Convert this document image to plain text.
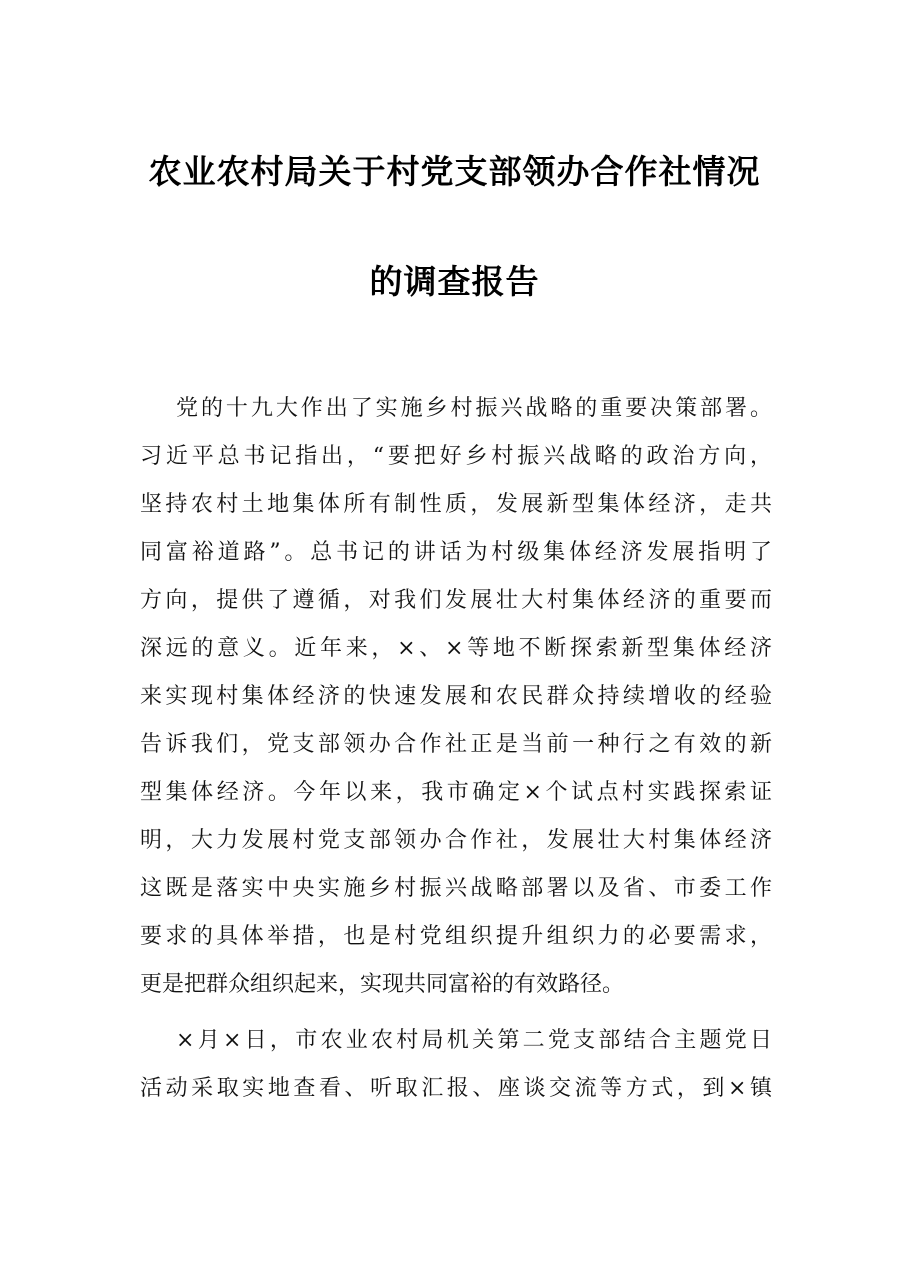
农业农村局关于村党支部领办合作社情况
的调查报告
党的十九大作出了实施乡村振兴战略的重要决策部署。
习近平总书记指出，“要把好乡村振兴战略的政治方向，
坚持农村土地集体所有制性质，发展新型集体经济，走共
同富裕道路”。总书记的讲话为村级集体经济发展指明了
方向，提供了遵循，对我们发展壮大村集体经济的重要而
深远的意义。近年来，×、×等地不断探索新型集体经济
来实现村集体经济的快速发展和农民群众持续增收的经验
告诉我们，党支部领办合作社正是当前一种行之有效的新
型集体经济。今年以来，我市确定×个试点村实践探索证
明，大力发展村党支部领办合作社，发展壮大村集体经济
这既是落实中央实施乡村振兴战略部署以及省、市委工作
要求的具体举措，也是村党组织提升组织力的必要需求，
更是把群众组织起来，实现共同富裕的有效路径。
×月×日，市农业农村局机关第二党支部结合主题党日
活动采取实地查看、听取汇报、座谈交流等方式，到×镇
